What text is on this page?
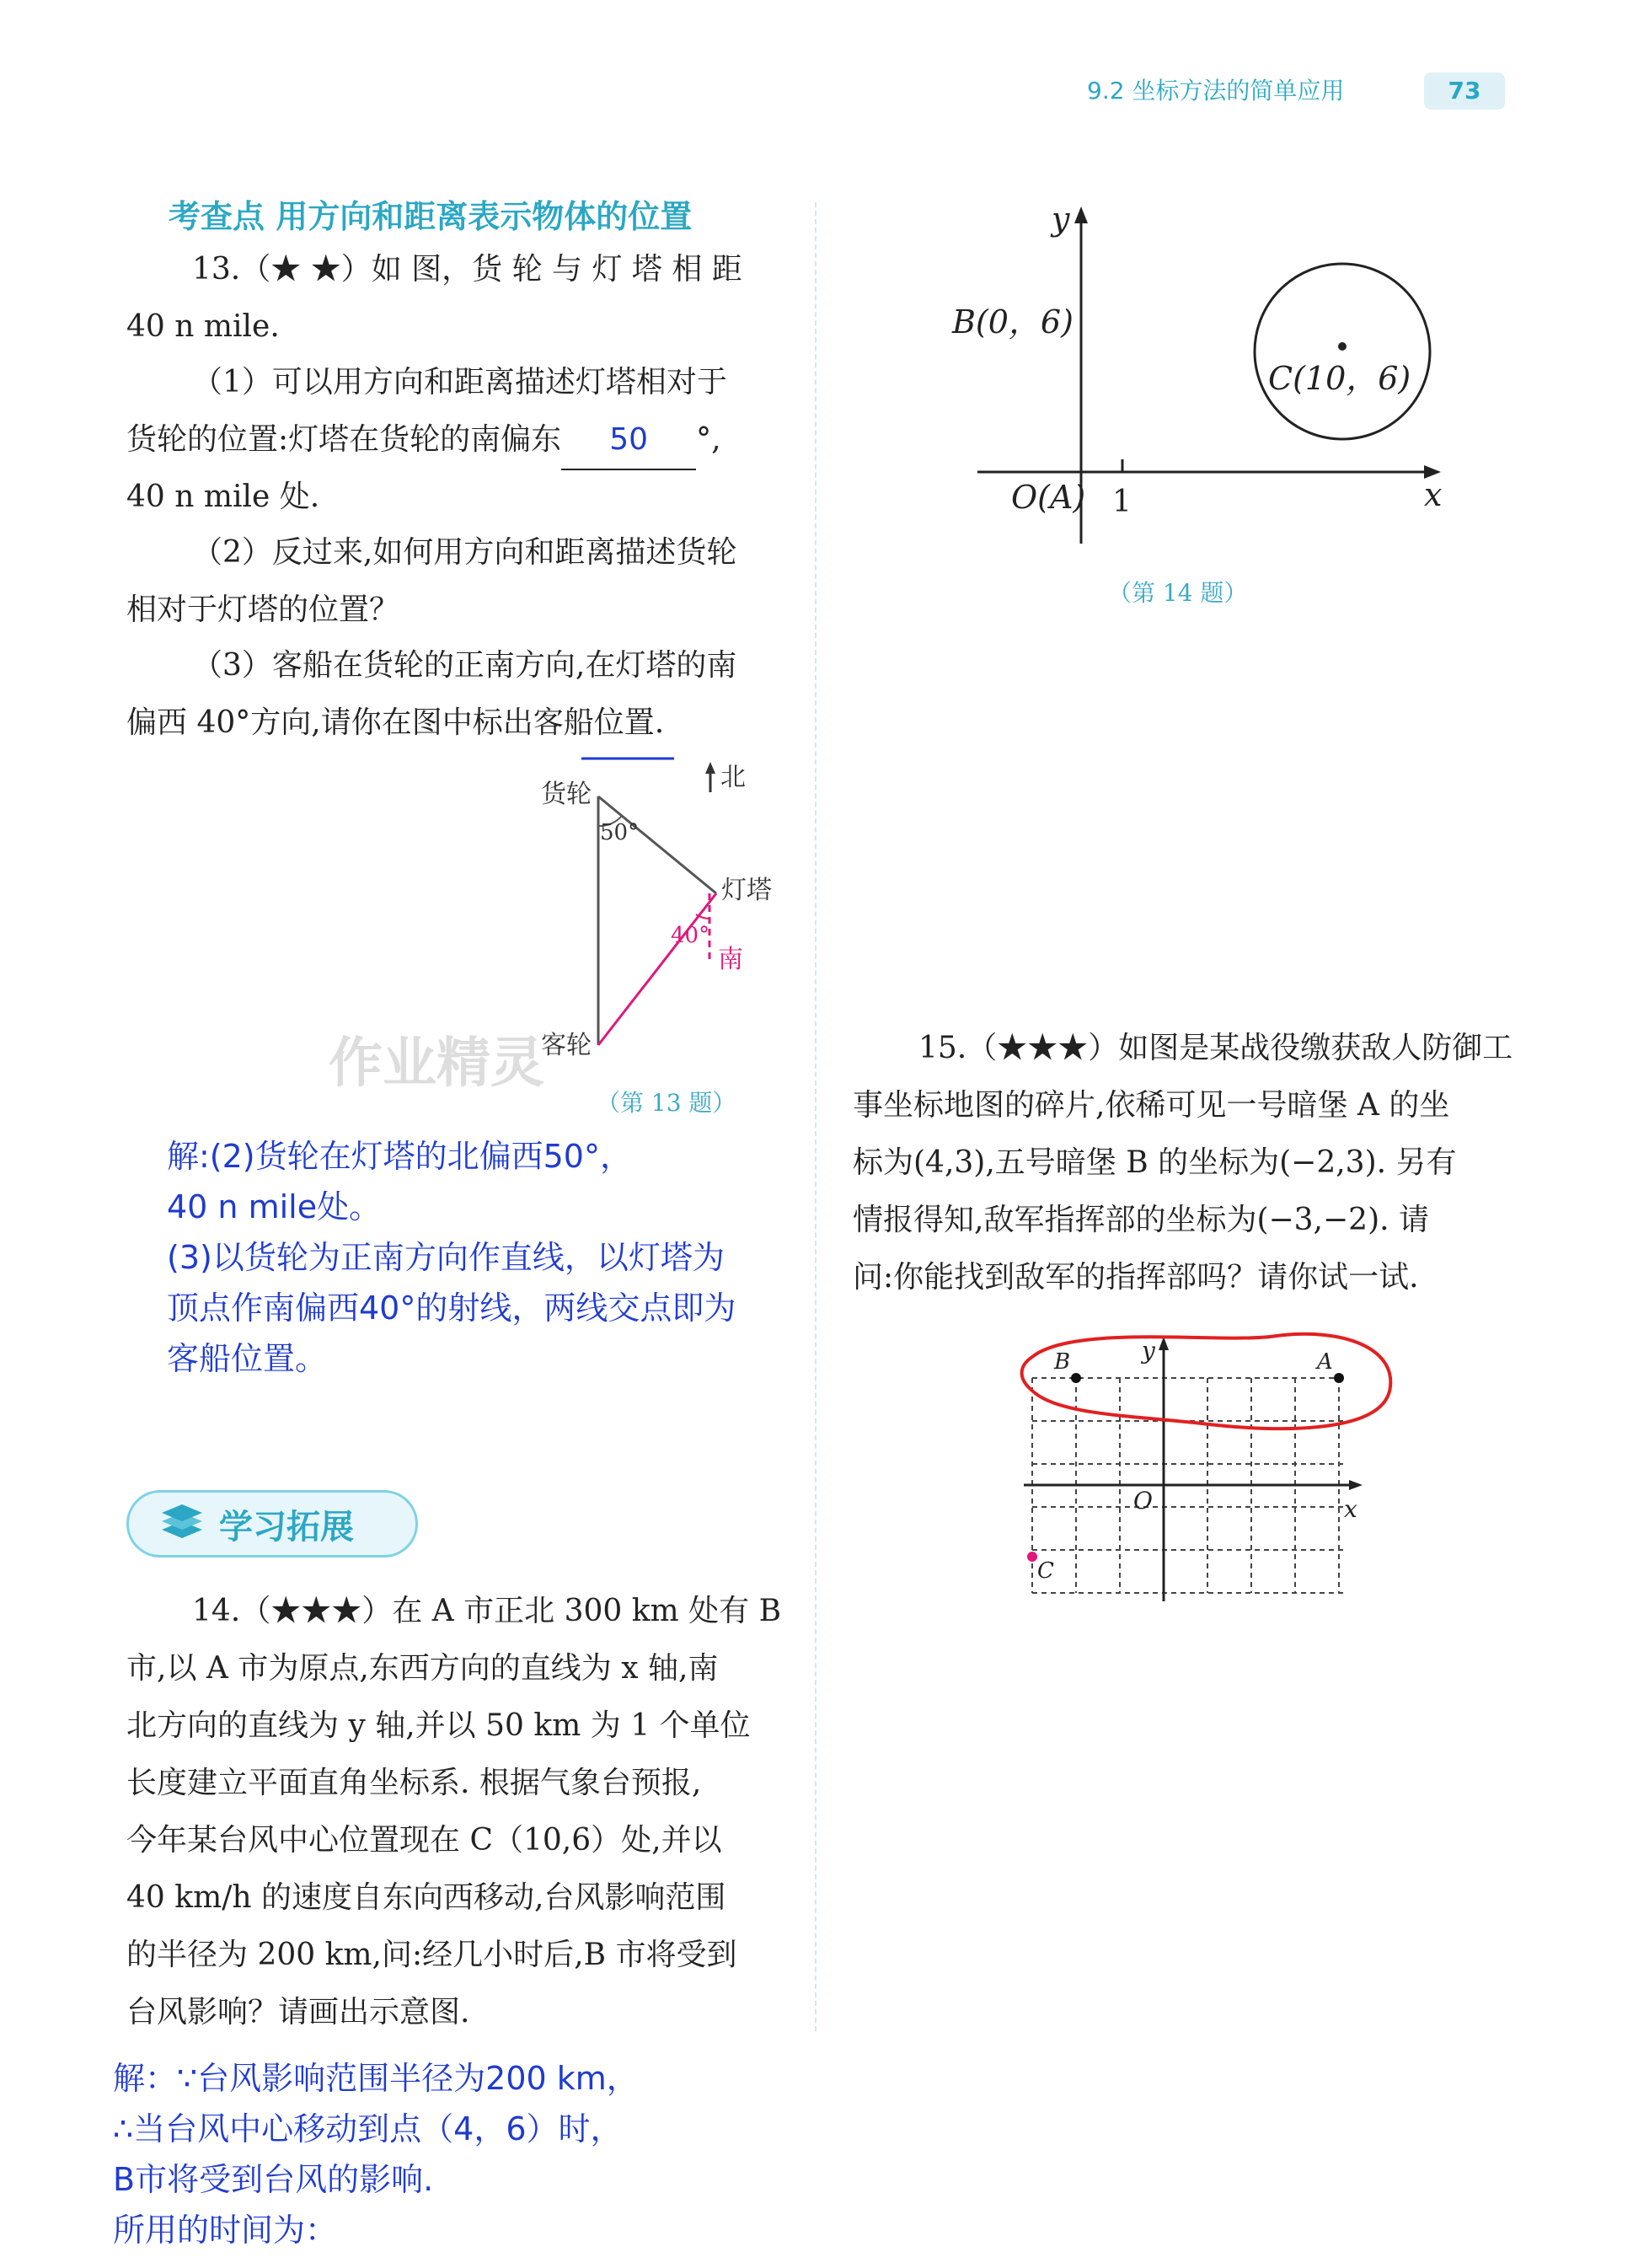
9.2 坐标方法的简单应用	73
考查点 用方向和距离表示物体的位置
13.（★ ★）如 图，货 轮 与 灯 塔 相 距
40 n mile.
（1）可以用方向和距离描述灯塔相对于
货轮的位置:灯塔在货轮的南偏东 50 °,
40 n mile 处.
（2）反过来,如何用方向和距离描述货轮
相对于灯塔的位置？
（3）客船在货轮的正南方向,在灯塔的南
偏西 40°方向,请你在图中标出客船位置.
货轮
北
50°
灯塔
40°
南
客轮
（第 13 题）
作业精灵
解:(2)货轮在灯塔的北偏西50°，
40 n mile处。
(3)以货轮为正南方向作直线，以灯塔为
顶点作南偏西40°的射线，两线交点即为
客船位置。
学习拓展
14.（★★★）在 A 市正北 300 km 处有 B
市,以 A 市为原点,东西方向的直线为 x 轴,南
北方向的直线为 y 轴,并以 50 km 为 1 个单位
长度建立平面直角坐标系. 根据气象台预报,
今年某台风中心位置现在 C（10,6）处,并以
40 km/h 的速度自东向西移动,台风影响范围
的半径为 200 km,问:经几小时后,B 市将受到
台风影响？请画出示意图.
解：∵台风影响范围半径为200 km，
∴当台风中心移动到点（4，6）时，
B市将受到台风的影响.
所用的时间为：
y
x
B(0，6)
C(10，6)
O(A) 1
（第 14 题）
15.（★★★）如图是某战役缴获敌人防御工
事坐标地图的碎片,依稀可见一号暗堡 A 的坐
标为(4,3),五号暗堡 B 的坐标为(−2,3). 另有
情报得知,敌军指挥部的坐标为(−3,−2). 请
问:你能找到敌军的指挥部吗？请你试一试.
y
x
O
A
B
C
